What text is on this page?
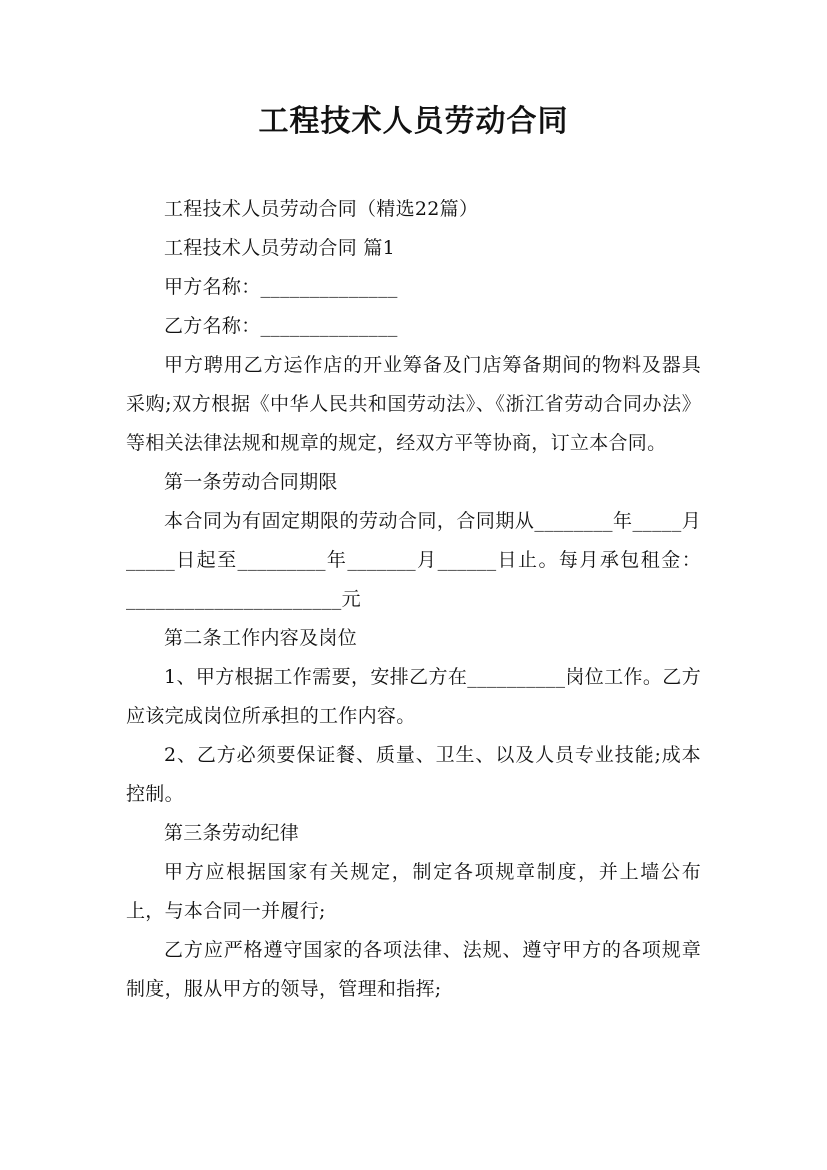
工程技术人员劳动合同

工程技术人员劳动合同（精选22篇）

工程技术人员劳动合同 篇1

甲方名称：______________

乙方名称：______________

甲方聘用乙方运作店的开业筹备及门店筹备期间的物料及器具采购;双方根据《中华人民共和国劳动法》、《浙江省劳动合同办法》等相关法律法规和规章的规定，经双方平等协商，订立本合同。

第一条劳动合同期限

本合同为有固定期限的劳动合同，合同期从________年_____月_____日起至_________年_______月______日止。每月承包租金：______________________元

第二条工作内容及岗位

1、甲方根据工作需要，安排乙方在__________岗位工作。乙方应该完成岗位所承担的工作内容。

2、乙方必须要保证餐、质量、卫生、以及人员专业技能;成本控制。

第三条劳动纪律

甲方应根据国家有关规定，制定各项规章制度，并上墙公布上，与本合同一并履行;

乙方应严格遵守国家的各项法律、法规、遵守甲方的各项规章制度，服从甲方的领导，管理和指挥;
